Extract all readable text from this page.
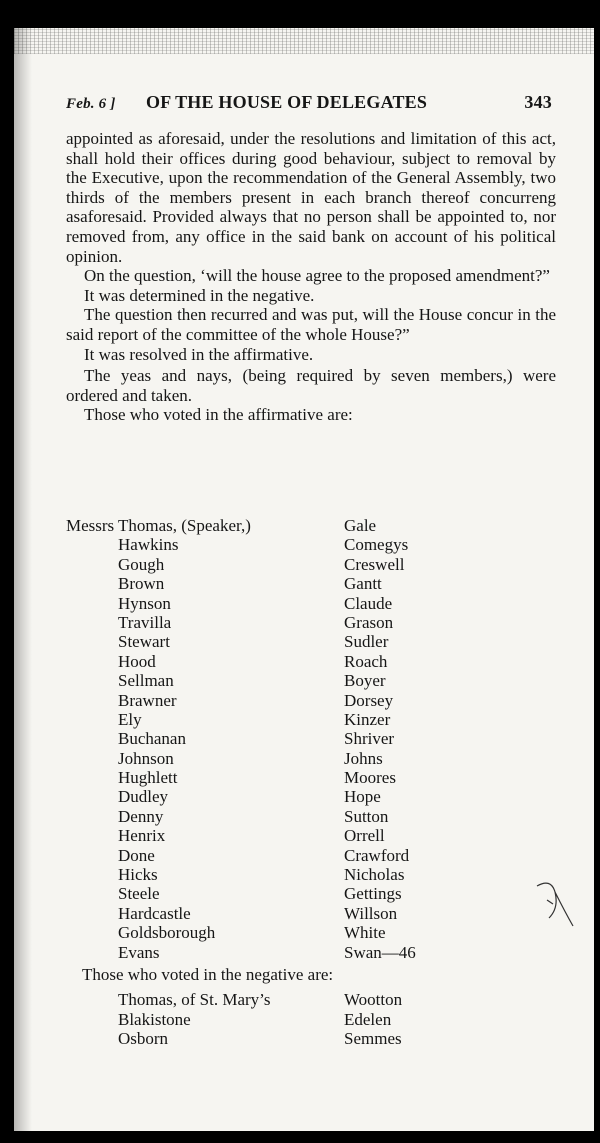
Feb. 6 ] OF THE HOUSE OF DELEGATES	343

appointed as aforesaid, under the resolutions and limitation of this act, shall hold their offices during good behaviour, subject to removal by the Executive, upon the recommendation of the General Assembly, two thirds of the members present in each branch thereof concurreng asaforesaid. Provided always that no person shall be appointed to, nor removed from, any office in the said bank on account of his political opinion.

On the question, ‘will the house agree to the proposed amendment?”

It was determined in the negative.

The question then recurred and was put, will the House concur in the said report of the committee of the whole House?”

It was resolved in the affirmative.

The yeas and nays, (being required by seven members,) were ordered and taken.

Those who voted in the affirmative are:

Messrs Thomas, (Speaker,)	Gale
Hawkins	Comegys
Gough	Creswell
Brown	Gantt
Hynson	Claude
Travilla	Grason
Stewart	Sudler
Hood	Roach
Sellman	Boyer
Brawner	Dorsey
Ely	Kinzer
Buchanan	Shriver
Johnson	Johns
Hughlett	Moores
Dudley	Hope
Denny	Sutton
Henrix	Orrell
Done	Crawford
Hicks	Nicholas
Steele	Gettings
Hardcastle	Willson
Goldsborough	White
Evans	Swan—46
Those who voted in the negative are:
Thomas, of St. Mary’s	Wootton
Blakistone	Edelen
Osborn	Semmes
